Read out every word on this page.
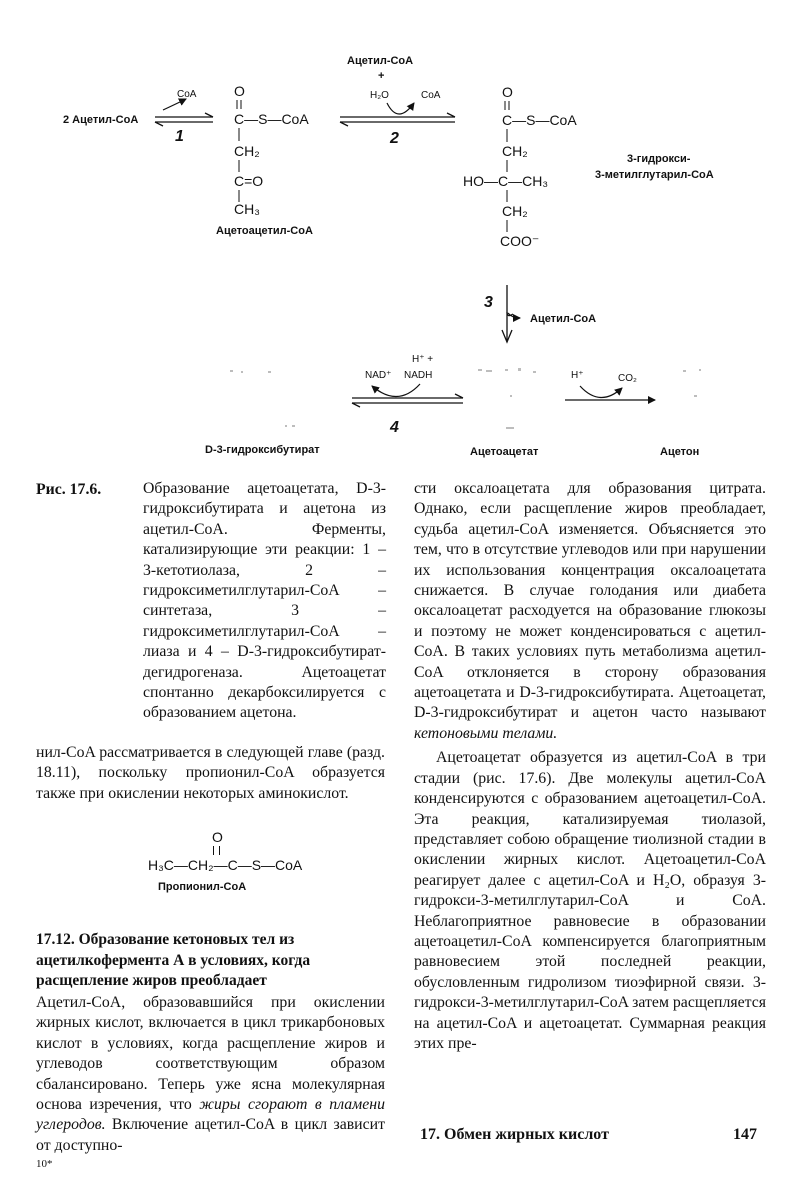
Ацетил-CoA
+
2 Ацетил-CoA
CoA
1
O
C—S—CoA
CH₂
C=O
CH₃
Ацетоацетил-CoA
H₂O	CoA
2
O
C—S—CoA
CH₂
HO—C—CH₃
CH₂
COO⁻
3-гидрокси-
3-метилглутарил-CoA
3
Ацетил-CoA
H⁺ +
NAD⁺ NADH
4
H⁺	CO₂
D-3-гидроксибутират	Ацетоацетат	Ацетон
Рис. 17.6.	Образование ацетоацетата, D-3-гидроксибутирата и ацетона из ацетил-CoA. Ферменты, катализирующие эти реакции: 1 – 3-кетотиолаза, 2 – гидроксиметилглутарил-CoA – синтетаза, 3 – гидроксиметилглутарил-CoA – лиаза и 4 – D-3-гидроксибутират-дегидрогеназа. Ацетоацетат спонтанно декарбоксилируется с образованием ацетона.
нил-CoA рассматривается в следующей главе (разд. 18.11), поскольку пропионил-CoA образуется также при окислении некоторых аминокислот.
O
H₃C—CH₂—C—S—CoA
Пропионил-CoA
17.12. Образование кетоновых тел из ацетилкофермента А в условиях, когда расщепление жиров преобладает
Ацетил-CoA, образовавшийся при окислении жирных кислот, включается в цикл трикарбоновых кислот в условиях, когда расщепление жиров и углеводов соответствующим образом сбалансировано. Теперь уже ясна молекулярная основа изречения, что жиры сгорают в пламени углеродов. Включение ацетил-CoA в цикл зависит от доступно-

сти оксалоацетата для образования цитрата. Однако, если расщепление жиров преобладает, судьба ацетил-CoA изменяется. Объясняется это тем, что в отсутствие углеводов или при нарушении их использования концентрация оксалоацетата снижается. В случае голодания или диабета оксалоацетат расходуется на образование глюкозы и поэтому не может конденсироваться с ацетил-CoA. В таких условиях путь метаболизма ацетил-CoA отклоняется в сторону образования ацетоацетата и D-3-гидроксибутирата. Ацетоацетат, D-3-гидроксибутират и ацетон часто называют кетоновыми телами.

Ацетоацетат образуется из ацетил-CoA в три стадии (рис. 17.6). Две молекулы ацетил-CoA конденсируются с образованием ацетоацетил-CoA. Эта реакция, катализируемая тиолазой, представляет собою обращение тиолизной стадии в окислении жирных кислот. Ацетоацетил-CoA реагирует далее с ацетил-CoA и H₂O, образуя 3-гидрокси-3-метилглутарил-CoA и CoA. Неблагоприятное равновесие в образовании ацетоацетил-CoA компенсируется благоприятным равновесием этой последней реакции, обусловленным гидролизом тиоэфирной связи. 3-гидрокси-3-метилглутарил-CoA затем расщепляется на ацетил-CoA и ацетоацетат. Суммарная реакция этих пре-

17. Обмен жирных кислот	147
10*
